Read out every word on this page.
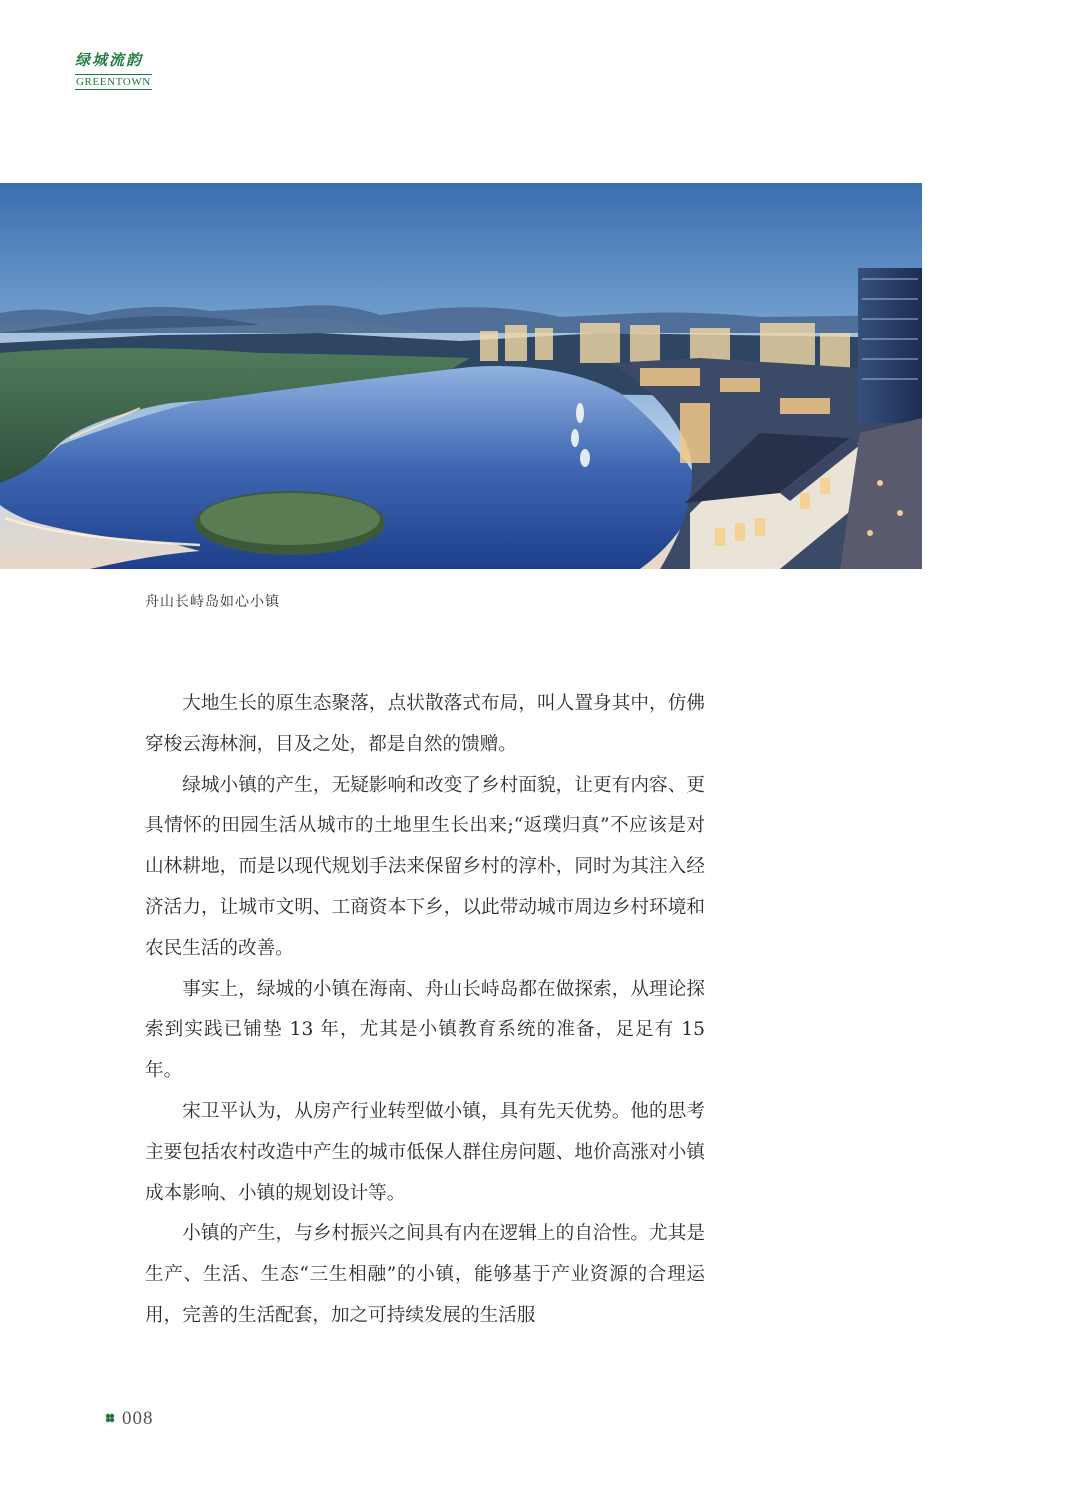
绿城流韵
GREENTOWN
舟山长峙岛如心小镇

大地生长的原生态聚落，点状散落式布局，叫人置身其中，仿佛穿梭云海林涧，目及之处，都是自然的馈赠。

绿城小镇的产生，无疑影响和改变了乡村面貌，让更有内容、更具情怀的田园生活从城市的土地里生长出来;“返璞归真”不应该是对山林耕地，而是以现代规划手法来保留乡村的淳朴，同时为其注入经济活力，让城市文明、工商资本下乡，以此带动城市周边乡村环境和农民生活的改善。

事实上，绿城的小镇在海南、舟山长峙岛都在做探索，从理论探索到实践已铺垫 13 年，尤其是小镇教育系统的准备，足足有 15 年。

宋卫平认为，从房产行业转型做小镇，具有先天优势。他的思考主要包括农村改造中产生的城市低保人群住房问题、地价高涨对小镇成本影响、小镇的规划设计等。

小镇的产生，与乡村振兴之间具有内在逻辑上的自洽性。尤其是生产、生活、生态“三生相融”的小镇，能够基于产业资源的合理运用，完善的生活配套，加之可持续发展的生活服

008
